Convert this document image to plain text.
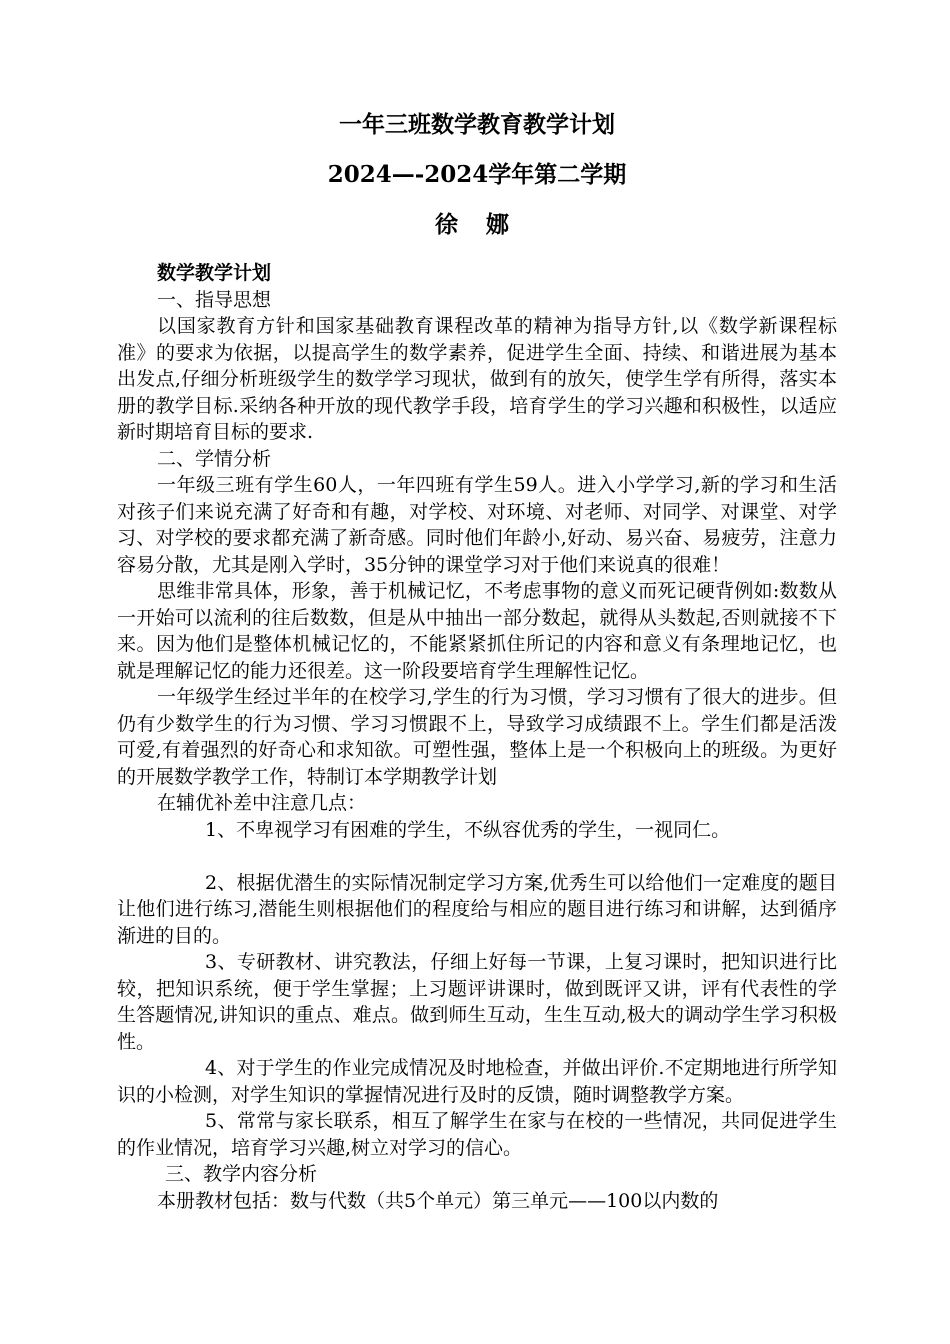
一年三班数学教育教学计划
2024—-2024学年第二学期
徐 娜

数学教学计划

一、指导思想

以国家教育方针和国家基础教育课程改革的精神为指导方针,以《数学新课程标准》的要求为依据，以提高学生的数学素养，促进学生全面、持续、和谐进展为基本出发点,仔细分析班级学生的数学学习现状，做到有的放矢，使学生学有所得，落实本册的教学目标.采纳各种开放的现代教学手段，培育学生的学习兴趣和积极性，以适应新时期培育目标的要求.

二、学情分析

一年级三班有学生60人，一年四班有学生59人。进入小学学习,新的学习和生活对孩子们来说充满了好奇和有趣，对学校、对环境、对老师、对同学、对课堂、对学习、对学校的要求都充满了新奇感。同时他们年龄小,好动、易兴奋、易疲劳，注意力容易分散，尤其是刚入学时，35分钟的课堂学习对于他们来说真的很难！

思维非常具体，形象，善于机械记忆，不考虑事物的意义而死记硬背例如:数数从一开始可以流利的往后数数，但是从中抽出一部分数起，就得从头数起,否则就接不下来。因为他们是整体机械记忆的，不能紧紧抓住所记的内容和意义有条理地记忆，也就是理解记忆的能力还很差。这一阶段要培育学生理解性记忆。

一年级学生经过半年的在校学习,学生的行为习惯，学习习惯有了很大的进步。但仍有少数学生的行为习惯、学习习惯跟不上，导致学习成绩跟不上。学生们都是活泼可爱,有着强烈的好奇心和求知欲。可塑性强，整体上是一个积极向上的班级。为更好的开展数学教学工作，特制订本学期教学计划

在辅优补差中注意几点：

1、不卑视学习有困难的学生，不纵容优秀的学生，一视同仁。

2、根据优潜生的实际情况制定学习方案,优秀生可以给他们一定难度的题目让他们进行练习,潜能生则根据他们的程度给与相应的题目进行练习和讲解，达到循序渐进的目的。

3、专研教材、讲究教法，仔细上好每一节课，上复习课时，把知识进行比较，把知识系统，便于学生掌握；上习题评讲课时，做到既评又讲，评有代表性的学生答题情况,讲知识的重点、难点。做到师生互动，生生互动,极大的调动学生学习积极性。

4、对于学生的作业完成情况及时地检查，并做出评价.不定期地进行所学知识的小检测，对学生知识的掌握情况进行及时的反馈，随时调整教学方案。

5、常常与家长联系，相互了解学生在家与在校的一些情况，共同促进学生的作业情况，培育学习兴趣,树立对学习的信心。

三、教学内容分析

本册教材包括：数与代数（共5个单元）第三单元——100以内数的
